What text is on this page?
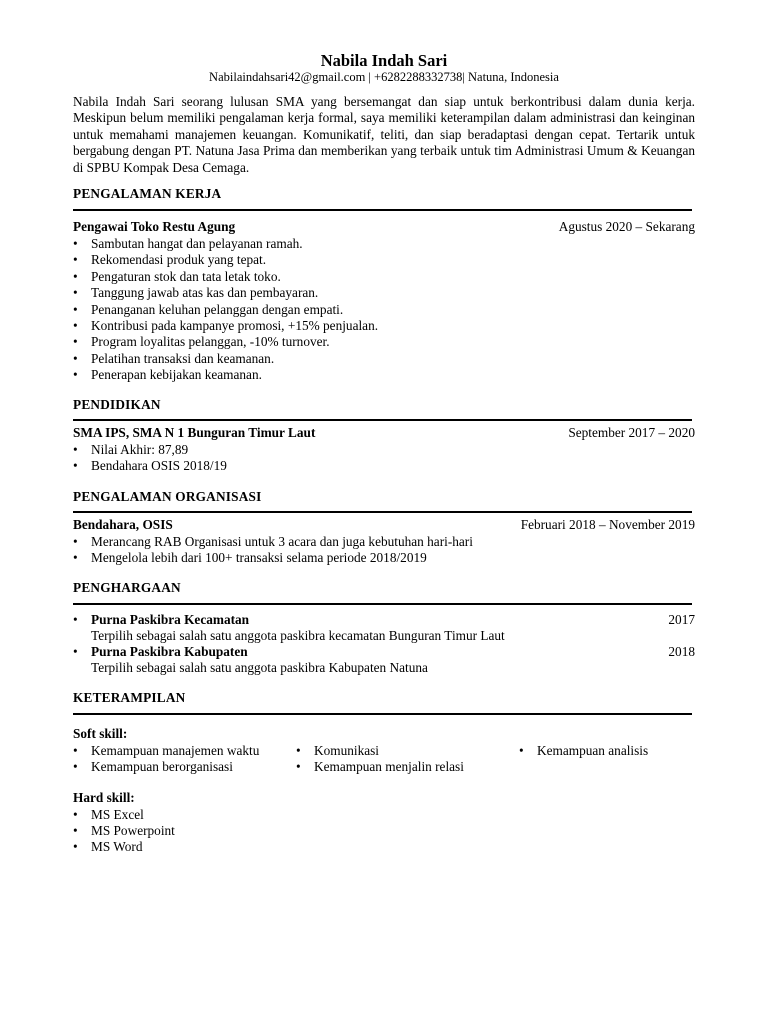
Nabila Indah Sari
Nabilaindahsari42@gmail.com | +6282288332738| Natuna, Indonesia
Nabila Indah Sari seorang lulusan SMA yang bersemangat dan siap untuk berkontribusi dalam dunia kerja. Meskipun belum memiliki pengalaman kerja formal, saya memiliki keterampilan dalam administrasi dan keinginan untuk memahami manajemen keuangan. Komunikatif, teliti, dan siap beradaptasi dengan cepat. Tertarik untuk bergabung dengan PT. Natuna Jasa Prima dan memberikan yang terbaik untuk tim Administrasi Umum & Keuangan di SPBU Kompak Desa Cemaga.
PENGALAMAN KERJA
Pengawai Toko Restu Agung	Agustus 2020 – Sekarang
• Sambutan hangat dan pelayanan ramah.
• Rekomendasi produk yang tepat.
• Pengaturan stok dan tata letak toko.
• Tanggung jawab atas kas dan pembayaran.
• Penanganan keluhan pelanggan dengan empati.
• Kontribusi pada kampanye promosi, +15% penjualan.
• Program loyalitas pelanggan, -10% turnover.
• Pelatihan transaksi dan keamanan.
• Penerapan kebijakan keamanan.
PENDIDIKAN
SMA IPS, SMA N 1 Bunguran Timur Laut	September 2017 – 2020
• Nilai Akhir: 87,89
• Bendahara OSIS 2018/19
PENGALAMAN ORGANISASI
Bendahara, OSIS	Februari 2018 – November 2019
• Merancang RAB Organisasi untuk 3 acara dan juga kebutuhan hari-hari
• Mengelola lebih dari 100+ transaksi selama periode 2018/2019
PENGHARGAAN
• Purna Paskibra Kecamatan	2017
Terpilih sebagai salah satu anggota paskibra kecamatan Bunguran Timur Laut
• Purna Paskibra Kabupaten	2018
Terpilih sebagai salah satu anggota paskibra Kabupaten Natuna
KETERAMPILAN
Soft skill:
• Kemampuan manajemen waktu
• Kemampuan berorganisasi
• Komunikasi
• Kemampuan menjalin relasi
• Kemampuan analisis
Hard skill:
• MS Excel
• MS Powerpoint
• MS Word
